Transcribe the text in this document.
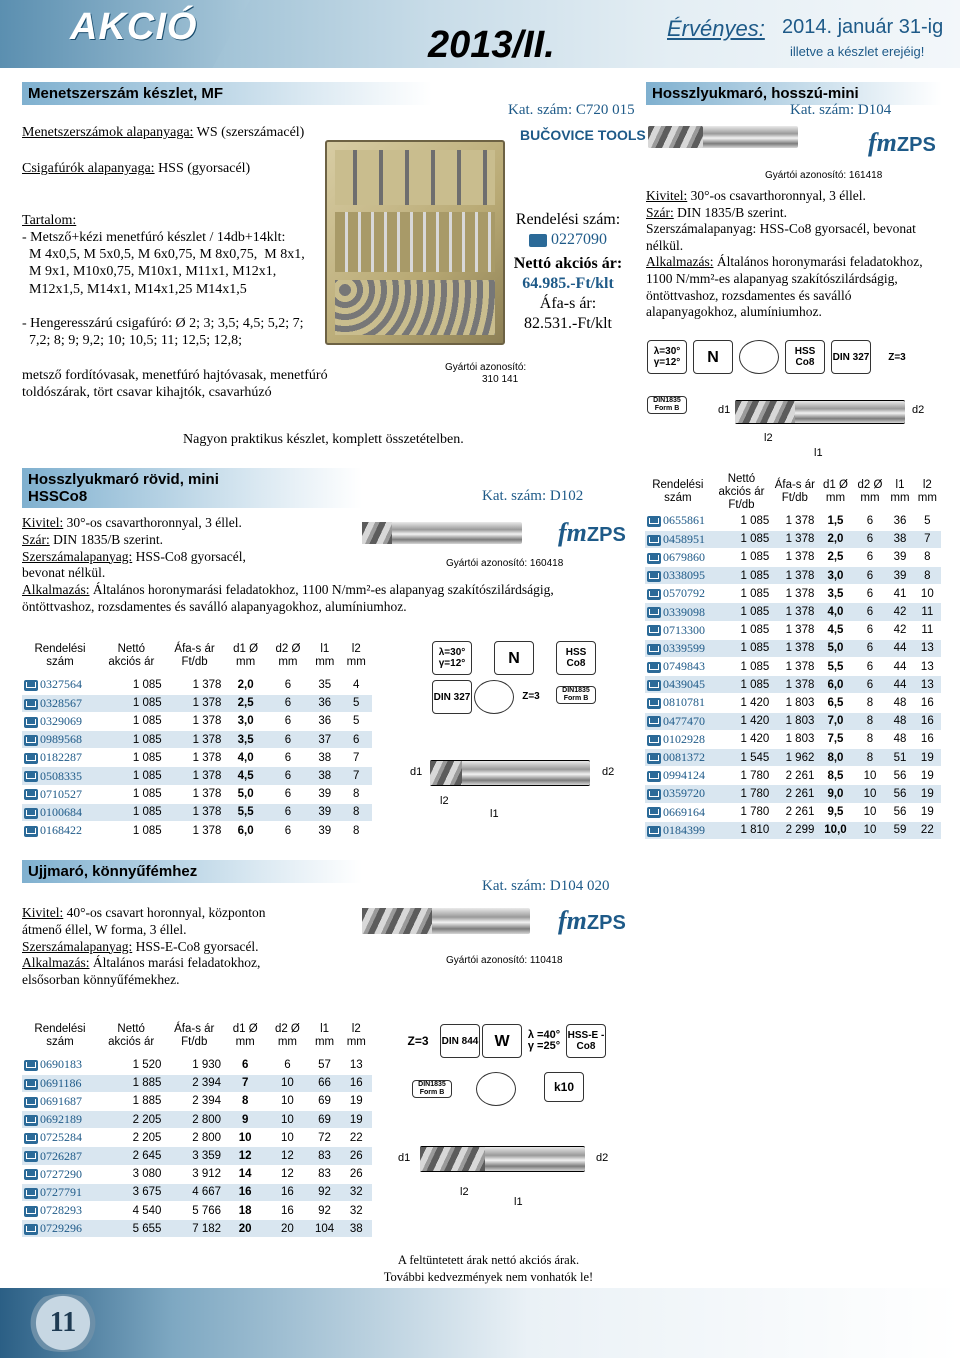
AKCIÓ	2013/II.	Érvényes: 2014. január 31-ig
illetve a készlet erejéig!
Menetszerszám készlet, MF
Kat. szám: C720 015
BUČOVICE TOOLS

Menetszerszámok alapanyaga: WS (szerszámacél)

Csigafúrók alapanyaga: HSS (gyorsacél)

Tartalom:

- Metsző+kézi menetfúró készlet / 14db+14klt:
M 4x0,5, M 5x0,5, M 6x0,75, M 8x0,75,  M 8x1,
M 9x1, M10x0,75, M10x1, M11x1, M12x1,
M12x1,5, M14x1, M14x1,25 M14x1,5

- Hengeresszárú csigafúró: Ø 2; 3; 3,5; 4,5; 5,2; 7;
7,2; 8; 9; 9,2; 10; 10,5; 11; 12,5; 12,8;

metsző fordítóvasak, menetfúró hajtóvasak, menetfúró
toldószárak, tört csavar kihajtók, csavarhúzó
Rendelési szám:
0227090
Nettó akciós ár:
64.985.-Ft/klt
Áfa-s ár:
82.531.-Ft/klt
Gyártói azonosító:
310 141

Nagyon praktikus készlet, komplett összetételben.

Hosszlyukmaró, hosszú-mini
Kat. szám: D104
fmZPS
Gyártói azonosító: 161418
Kivitel: 30°-os csavarthoronnyal, 3 éllel.
Szár: DIN 1835/B szerint.
Szerszámalapanyag: HSS-Co8 gyorsacél, bevonat nélkül.
Alkalmazás: Általános horonymarási feladatokhoz, 1100 N/mm²-es alapanyag szakítószilárdságig, öntöttvashoz, rozsdamentes és saválló alapanyagokhoz, alumíniumhoz.
λ=30° γ=12°	N	HSS Co8	DIN 327	Z=3
DIN1835 Form B	d1	d2
l2
l1
Hosszlyukmaró rövid, mini
HSSCo8	Kat. szám: D102
fmZPS
Gyártói azonosító: 160418
Kivitel: 30°-os csavarthoronnyal, 3 éllel.
Szár: DIN 1835/B szerint.
Szerszámalapanyag: HSS-Co8 gyorsacél,
bevonat nélkül.
Alkalmazás: Általános horonymarási feladatokhoz, 1100 N/mm²-es alapanyag szakítószilárdságig,
öntöttvashoz, rozsdamentes és saválló alapanyagokhoz, alumíniumhoz.
Rendelési szám	Nettó akciós ár	Áfa-s ár Ft/db	d1 Ø mm	d2 Ø mm	l1 mm	l2 mm
0327564	1 085	1 378	2,0	6	35	4
0328567	1 085	1 378	2,5	6	36	5
0329069	1 085	1 378	3,0	6	36	5
0989568	1 085	1 378	3,5	6	37	6
0182287	1 085	1 378	4,0	6	38	7
0508335	1 085	1 378	4,5	6	38	7
0710527	1 085	1 378	5,0	6	39	8
0100684	1 085	1 378	5,5	6	39	8
0168422	1 085	1 378	6,0	6	39	8
λ=30° γ=12°	N	HSS Co8
DIN 327	Z=3	DIN1835 Form B
d1	d2
l2
l1
Rendelési szám	Nettó akciós ár Ft/db	Áfa-s ár Ft/db	d1 Ø mm	d2 Ø mm	l1 mm	l2 mm
0655861	1 085	1 378	1,5	6	36	5
0458951	1 085	1 378	2,0	6	38	7
0679860	1 085	1 378	2,5	6	39	8
0338095	1 085	1 378	3,0	6	39	8
0570792	1 085	1 378	3,5	6	41	10
0339098	1 085	1 378	4,0	6	42	11
0713300	1 085	1 378	4,5	6	42	11
0339599	1 085	1 378	5,0	6	44	13
0749843	1 085	1 378	5,5	6	44	13
0439045	1 085	1 378	6,0	6	44	13
0810781	1 420	1 803	6,5	8	48	16
0477470	1 420	1 803	7,0	8	48	16
0102928	1 420	1 803	7,5	8	48	16
0081372	1 545	1 962	8,0	8	51	19
0994124	1 780	2 261	8,5	10	56	19
0359720	1 780	2 261	9,0	10	56	19
0669164	1 780	2 261	9,5	10	56	19
0184399	1 810	2 299	10,0	10	59	22
Ujjmaró, könnyűfémhez
Kat. szám: D104 020
fmZPS
Gyártói azonosító: 110418
Kivitel: 40°-os csavart horonnyal, központon
átmenő éllel, W forma, 3 éllel.
Szerszámalapanyag: HSS-E-Co8 gyorsacél.
Alkalmazás: Általános marási feladatokhoz,
elsősorban könnyűfémekhez.
Rendelési szám	Nettó akciós ár	Áfa-s ár Ft/db	d1 Ø mm	d2 Ø mm	l1 mm	l2 mm
0690183	1 520	1 930	6	6	57	13
0691186	1 885	2 394	7	10	66	16
0691687	1 885	2 394	8	10	69	19
0692189	2 205	2 800	9	10	69	19
0725284	2 205	2 800	10	10	72	22
0726287	2 645	3 359	12	12	83	26
0727290	3 080	3 912	14	12	83	26
0727791	3 675	4 667	16	16	92	32
0728293	4 540	5 766	18	16	92	32
0729296	5 655	7 182	20	20	104	38
Z=3	DIN 844	W	λ =40° γ =25°
HSS-E -Co8
DIN1835 Form B	k10
d1	d2
l2
l1
A feltüntetett árak nettó akciós árak.
További kedvezmények nem vonhatók le!
11
